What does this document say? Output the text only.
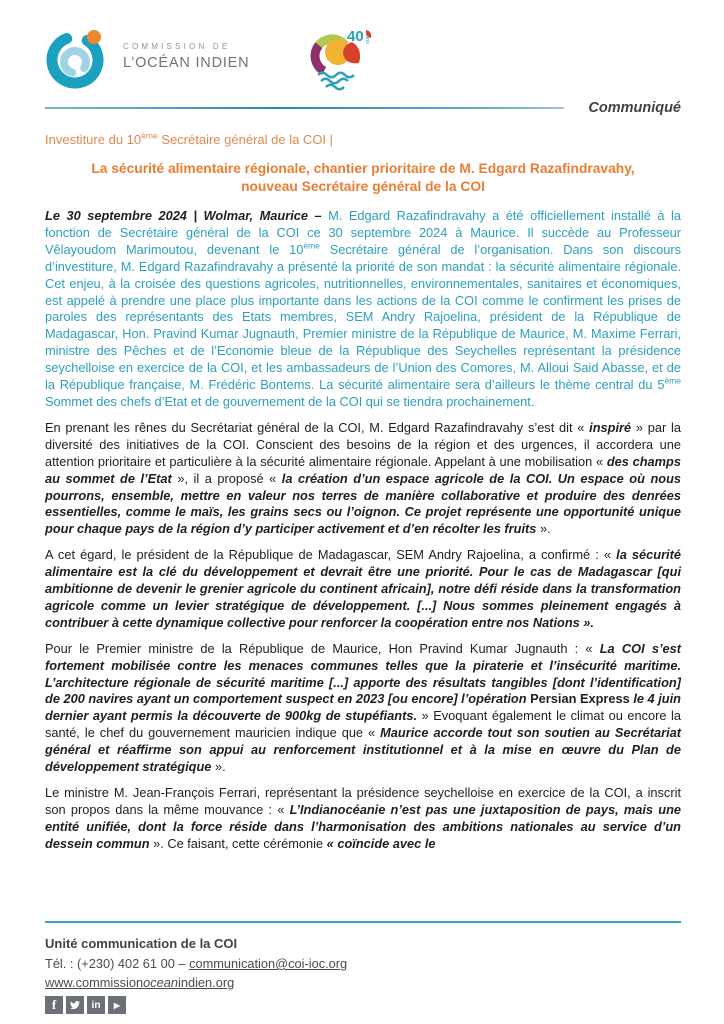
COMMISSION DE
L’OCÉAN INDIEN
40 ans
Communiqué
Investiture du 10ème Secrétaire général de la COI |
La sécurité alimentaire régionale, chantier prioritaire de M. Edgard Razafindravahy,
nouveau Secrétaire général de la COI

Le 30 septembre 2024 | Wolmar, Maurice – M. Edgard Razafindravahy a été officiellement installé à la fonction de Secrétaire général de la COI ce 30 septembre 2024 à Maurice. Il succède au Professeur Vêlayoudom Marimoutou, devenant le 10ème Secrétaire général de l’organisation. Dans son discours d’investiture, M. Edgard Razafindravahy a présenté la priorité de son mandat : la sécurité alimentaire régionale. Cet enjeu, à la croisée des questions agricoles, nutritionnelles, environnementales, sanitaires et économiques, est appelé à prendre une place plus importante dans les actions de la COI comme le confirment les prises de paroles des représentants des Etats membres, SEM Andry Rajoelina, président de la République de Madagascar, Hon. Pravind Kumar Jugnauth, Premier ministre de la République de Maurice, M. Maxime Ferrari, ministre des Pêches et de l’Economie bleue de la République des Seychelles représentant la présidence seychelloise en exercice de la COI, et les ambassadeurs de l’Union des Comores, M. Alloui Said Abasse, et de la République française, M. Frédéric Bontems. La sécurité alimentaire sera d’ailleurs le thème central du 5ème Sommet des chefs d’Etat et de gouvernement de la COI qui se tiendra prochainement.

En prenant les rênes du Secrétariat général de la COI, M. Edgard Razafindravahy s’est dit « inspiré » par la diversité des initiatives de la COI. Conscient des besoins de la région et des urgences, il accordera une attention prioritaire et particulière à la sécurité alimentaire régionale. Appelant à une mobilisation « des champs au sommet de l’Etat », il a proposé « la création d’un espace agricole de la COI. Un espace où nous pourrons, ensemble, mettre en valeur nos terres de manière collaborative et produire des denrées essentielles, comme le maïs, les grains secs ou l’oignon. Ce projet représente une opportunité unique pour chaque pays de la région d’y participer activement et d’en récolter les fruits ».

A cet égard, le président de la République de Madagascar, SEM Andry Rajoelina, a confirmé : « la sécurité alimentaire est la clé du développement et devrait être une priorité. Pour le cas de Madagascar [qui ambitionne de devenir le grenier agricole du continent africain], notre défi réside dans la transformation agricole comme un levier stratégique de développement. [...] Nous sommes pleinement engagés à contribuer à cette dynamique collective pour renforcer la coopération entre nos Nations ».

Pour le Premier ministre de la République de Maurice, Hon Pravind Kumar Jugnauth : « La COI s’est fortement mobilisée contre les menaces communes telles que la piraterie et l’insécurité maritime. L’architecture régionale de sécurité maritime [...] apporte des résultats tangibles [dont l’identification] de 200 navires ayant un comportement suspect en 2023 [ou encore] l’opération Persian Express le 4 juin dernier ayant permis la découverte de 900kg de stupéfiants. » Evoquant également le climat ou encore la santé, le chef du gouvernement mauricien indique que « Maurice accorde tout son soutien au Secrétariat général et réaffirme son appui au renforcement institutionnel et à la mise en œuvre du Plan de développement stratégique ».

Le ministre M. Jean-François Ferrari, représentant la présidence seychelloise en exercice de la COI, a inscrit son propos dans la même mouvance : « L’Indianocéanie n’est pas une juxtaposition de pays, mais une entité unifiée, dont la force réside dans l’harmonisation des ambitions nationales au service d’un dessein commun ». Ce faisant, cette cérémonie « coïncide avec le

Unité communication de la COI
Tél. : (+230) 402 61 00 – communication@coi-ioc.org
www.commissionoceanindien.org
f	in	▶
